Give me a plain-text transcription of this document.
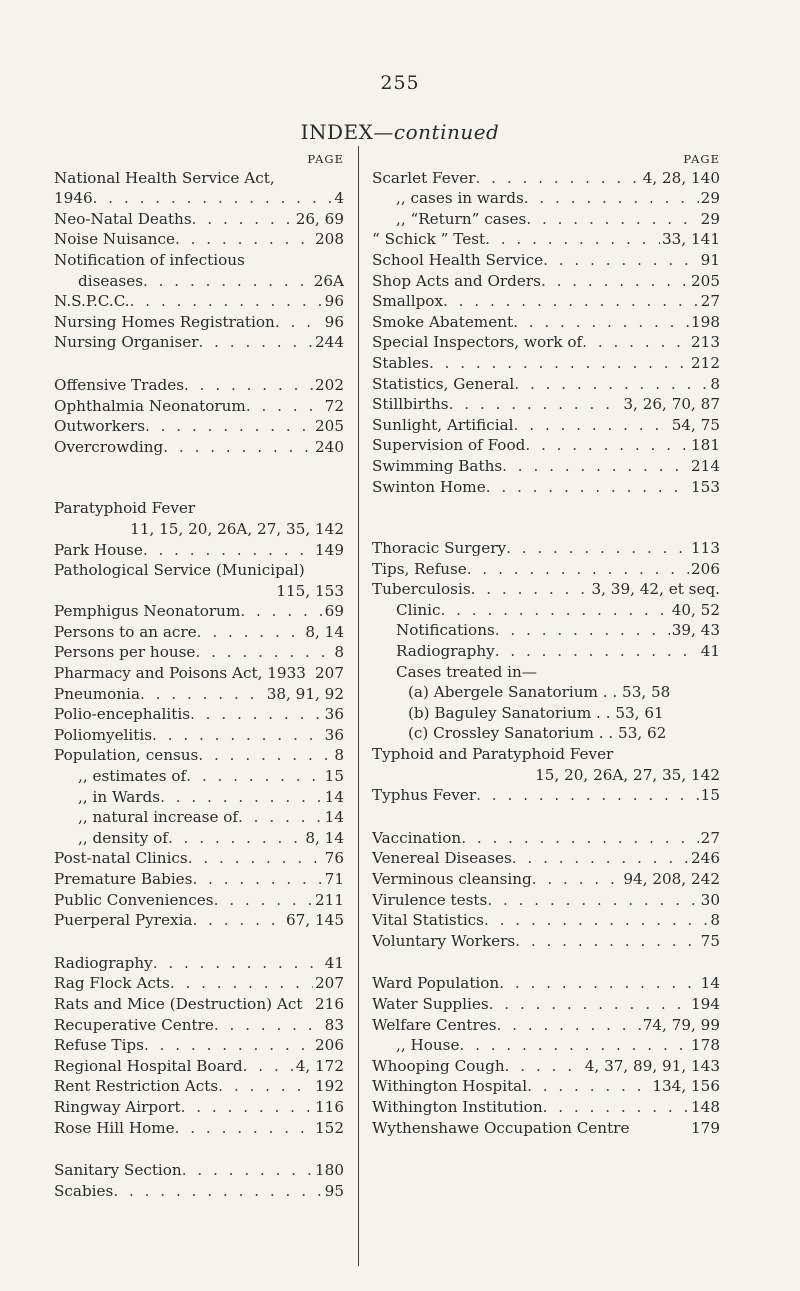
255
INDEX—continued
PAGE
National Health Service Act,
1946 . . .	4
Neo-Natal Deaths . . .	26, 69
Noise Nuisance . . .	208
Notification of infectious
diseases . . .	26A
N.S.P.C.C. . . .	96
Nursing Homes Registration . . .	96
Nursing Organiser . . .	244
Offensive Trades . . .	202
Ophthalmia Neonatorum . . .	72
Outworkers . . .	205
Overcrowding . . .	240
Paratyphoid Fever
11, 15, 20, 26A, 27, 35, 142
Park House . . .	149
Pathological Service (Municipal)
115, 153
Pemphigus Neonatorum . . .	69
Persons to an acre . . .	8, 14
Persons per house . . .	8
Pharmacy and Poisons Act, 1933 207
Pneumonia . . .	38, 91, 92
Polio-encephalitis . . .	36
Poliomyelitis . . .	36
Population, census . . .	8
,, estimates of . . .	15
,, in Wards . . .	14
,, natural increase of . . .	14
,, density of . . .	8, 14
Post-natal Clinics . . .	76
Premature Babies . . .	71
Public Conveniences . . .	211
Puerperal Pyrexia . . .	67, 145
Radiography . . .	41
Rag Flock Acts . . .	207
Rats and Mice (Destruction) Act 216
Recuperative Centre . . .	83
Refuse Tips . . .	206
Regional Hospital Board . . .	4, 172
Rent Restriction Acts . . .	192
Ringway Airport . . .	116
Rose Hill Home . . .	152
Sanitary Section . . .	180
Scabies . . .	95
PAGE
Scarlet Fever . . .	4, 28, 140
,, cases in wards . . .	29
,, “Return” cases . . .	29
“ Schick ” Test . . .	33, 141
School Health Service . . .	91
Shop Acts and Orders . . .	205
Smallpox . . .	27
Smoke Abatement . . .	198
Special Inspectors, work of . . .	213
Stables . . .	212
Statistics, General . . .	8
Stillbirths . . .	3, 26, 70, 87
Sunlight, Artificial . . .	54, 75
Supervision of Food . . .	181
Swimming Baths . . .	214
Swinton Home . . .	153
Thoracic Surgery . . .	113
Tips, Refuse . . .	206
Tuberculosis . . .	3, 39, 42, et seq.
Clinic . . .	40, 52
Notifications . . .	39, 43
Radiography . . .	41
Cases treated in—
(a) Abergele Sanatorium . . 53, 58
(b) Baguley Sanatorium . . 53, 61
(c) Crossley Sanatorium . . 53, 62
Typhoid and Paratyphoid Fever
15, 20, 26A, 27, 35, 142
Typhus Fever . . .	15
Vaccination . . .	27
Venereal Diseases . . .	246
Verminous cleansing . . .	94, 208, 242
Virulence tests . . .	30
Vital Statistics . . .	8
Voluntary Workers . . .	75
Ward Population . . .	14
Water Supplies . . .	194
Welfare Centres . . .	74, 79, 99
,, House . . .	178
Whooping Cough . . .	4, 37, 89, 91, 143
Withington Hospital . . .	134, 156
Withington Institution . . .	148
Wythenshawe Occupation Centre	179
